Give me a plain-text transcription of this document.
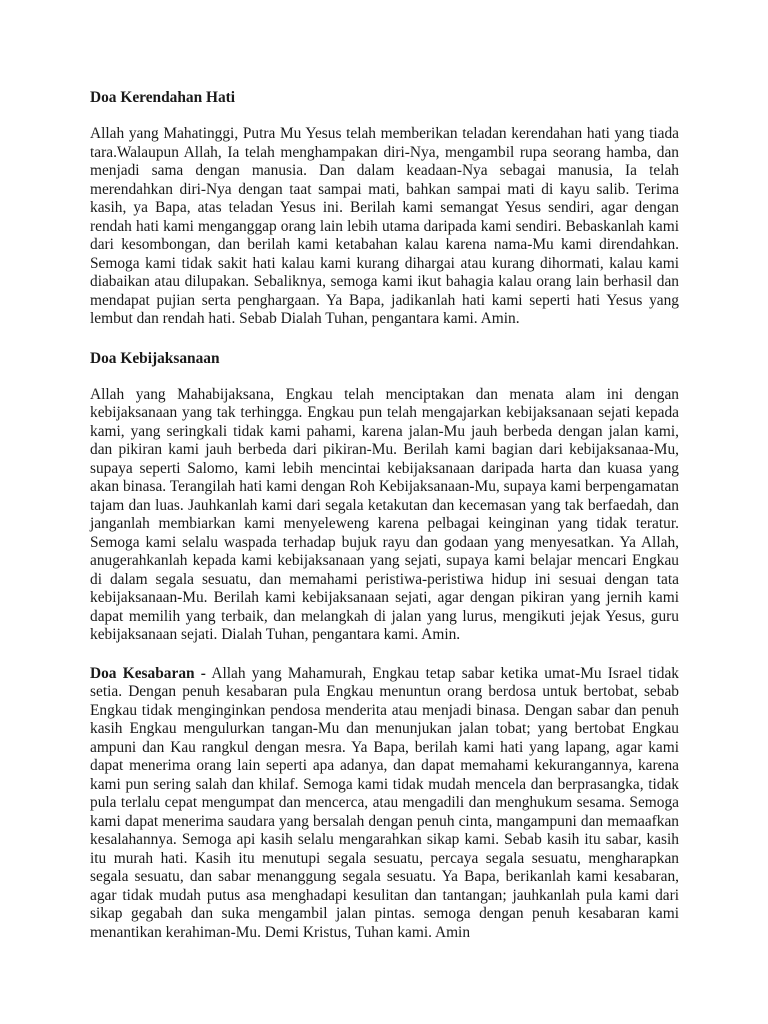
Doa Kerendahan Hati

Allah yang Mahatinggi, Putra Mu Yesus telah memberikan teladan kerendahan hati yang tiada tara.Walaupun Allah, Ia telah menghampakan diri-Nya, mengambil rupa seorang hamba, dan menjadi sama dengan manusia. Dan dalam keadaan-Nya sebagai manusia, Ia telah merendahkan diri-Nya dengan taat sampai mati, bahkan sampai mati di kayu salib. Terima kasih, ya Bapa, atas teladan Yesus ini. Berilah kami semangat Yesus sendiri, agar dengan rendah hati kami menganggap orang lain lebih utama daripada kami sendiri. Bebaskanlah kami dari kesombongan, dan berilah kami ketabahan kalau karena nama-Mu kami direndahkan. Semoga kami tidak sakit hati kalau kami kurang dihargai atau kurang dihormati, kalau kami diabaikan atau dilupakan. Sebaliknya, semoga kami ikut bahagia kalau orang lain berhasil dan mendapat pujian serta penghargaan. Ya Bapa, jadikanlah hati kami seperti hati Yesus yang lembut dan rendah hati. Sebab Dialah Tuhan, pengantara kami. Amin.

Doa Kebijaksanaan

Allah yang Mahabijaksana, Engkau telah menciptakan dan menata alam ini dengan kebijaksanaan yang tak terhingga. Engkau pun telah mengajarkan kebijaksanaan sejati kepada kami, yang seringkali tidak kami pahami, karena jalan-Mu jauh berbeda dengan jalan kami, dan pikiran kami jauh berbeda dari pikiran-Mu. Berilah kami bagian dari kebijaksanaa-Mu, supaya seperti Salomo, kami lebih mencintai kebijaksanaan daripada harta dan kuasa yang akan binasa. Terangilah hati kami dengan Roh Kebijaksanaan-Mu, supaya kami berpengamatan tajam dan luas. Jauhkanlah kami dari segala ketakutan dan kecemasan yang tak berfaedah, dan janganlah membiarkan kami menyeleweng karena pelbagai keinginan yang tidak teratur. Semoga kami selalu waspada terhadap bujuk rayu dan godaan yang menyesatkan. Ya Allah, anugerahkanlah kepada kami kebijaksanaan yang sejati, supaya kami belajar mencari Engkau di dalam segala sesuatu, dan memahami peristiwa-peristiwa hidup ini sesuai dengan tata kebijaksanaan-Mu. Berilah kami kebijaksanaan sejati, agar dengan pikiran yang jernih kami dapat memilih yang terbaik, dan melangkah di jalan yang lurus, mengikuti jejak Yesus, guru kebijaksanaan sejati. Dialah Tuhan, pengantara kami. Amin.

Doa Kesabaran - Allah yang Mahamurah, Engkau tetap sabar ketika umat-Mu Israel tidak setia. Dengan penuh kesabaran pula Engkau menuntun orang berdosa untuk bertobat, sebab Engkau tidak menginginkan pendosa menderita atau menjadi binasa. Dengan sabar dan penuh kasih Engkau mengulurkan tangan-Mu dan menunjukan jalan tobat; yang bertobat Engkau ampuni dan Kau rangkul dengan mesra. Ya Bapa, berilah kami hati yang lapang, agar kami dapat menerima orang lain seperti apa adanya, dan dapat memahami kekurangannya, karena kami pun sering salah dan khilaf. Semoga kami tidak mudah mencela dan berprasangka, tidak pula terlalu cepat mengumpat dan mencerca, atau mengadili dan menghukum sesama. Semoga kami dapat menerima saudara yang bersalah dengan penuh cinta, mangampuni dan memaafkan kesalahannya. Semoga api kasih selalu mengarahkan sikap kami. Sebab kasih itu sabar, kasih itu murah hati. Kasih itu menutupi segala sesuatu, percaya segala sesuatu, mengharapkan segala sesuatu, dan sabar menanggung segala sesuatu. Ya Bapa, berikanlah kami kesabaran, agar tidak mudah putus asa menghadapi kesulitan dan tantangan; jauhkanlah pula kami dari sikap gegabah dan suka mengambil jalan pintas. semoga dengan penuh kesabaran kami menantikan kerahiman-Mu. Demi Kristus, Tuhan kami. Amin
